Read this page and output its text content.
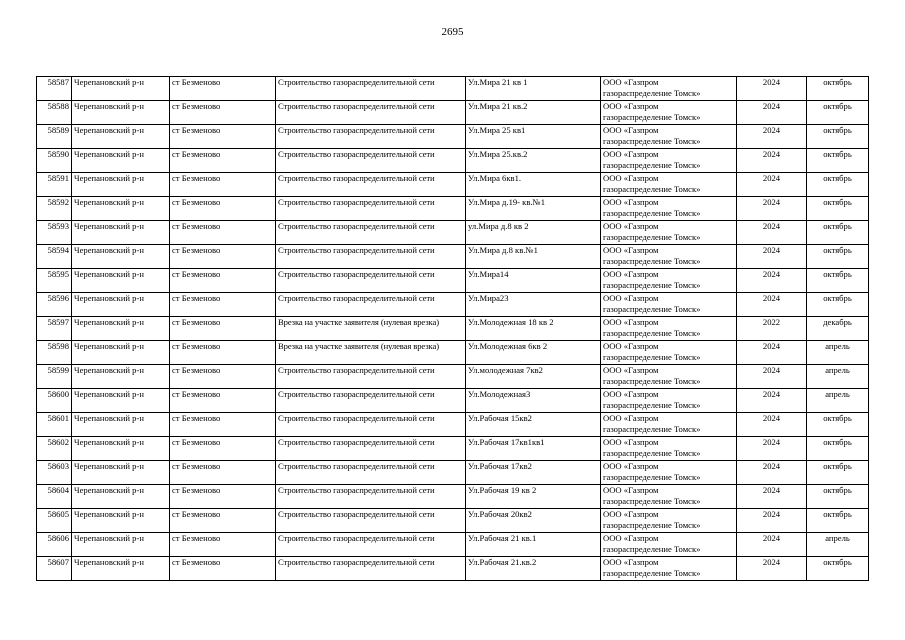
2695
58587	Черепановский р-н	ст Безменово	Строительство газораспределительной сети	Ул.Мира 21 кв 1	ООО «Газпром
газораспределение Томск»	2024	октябрь
58588	Черепановский р-н	ст Безменово	Строительство газораспределительной сети	Ул.Мира 21 кв.2	ООО «Газпром
газораспределение Томск»	2024	октябрь
58589	Черепановский р-н	ст Безменово	Строительство газораспределительной сети	Ул.Мира 25 кв1	ООО «Газпром
газораспределение Томск»	2024	октябрь
58590	Черепановский р-н	ст Безменово	Строительство газораспределительной сети	Ул.Мира 25.кв.2	ООО «Газпром
газораспределение Томск»	2024	октябрь
58591	Черепановский р-н	ст Безменово	Строительство газораспределительной сети	Ул.Мира 6кв1.	ООО «Газпром
газораспределение Томск»	2024	октябрь
58592	Черепановский р-н	ст Безменово	Строительство газораспределительной сети	Ул.Мира д.19- кв.№1	ООО «Газпром
газораспределение Томск»	2024	октябрь
58593	Черепановский р-н	ст Безменово	Строительство газораспределительной сети	ул.Мира д.8 кв 2	ООО «Газпром
газораспределение Томск»	2024	октябрь
58594	Черепановский р-н	ст Безменово	Строительство газораспределительной сети	Ул.Мира д.8 кв.№1	ООО «Газпром
газораспределение Томск»	2024	октябрь
58595	Черепановский р-н	ст Безменово	Строительство газораспределительной сети	Ул.Мира14	ООО «Газпром
газораспределение Томск»	2024	октябрь
58596	Черепановский р-н	ст Безменово	Строительство газораспределительной сети	Ул.Мира23	ООО «Газпром
газораспределение Томск»	2024	октябрь
58597	Черепановский р-н	ст Безменово	Врезка на участке заявителя (нулевая врезка)	Ул.Молодежная 18 кв 2	ООО «Газпром
газораспределение Томск»	2022	декабрь
58598	Черепановский р-н	ст Безменово	Врезка на участке заявителя (нулевая врезка)	Ул.Молодежная 6кв 2	ООО «Газпром
газораспределение Томск»	2024	апрель
58599	Черепановский р-н	ст Безменово	Строительство газораспределительной сети	Ул.молодежная 7кв2	ООО «Газпром
газораспределение Томск»	2024	апрель
58600	Черепановский р-н	ст Безменово	Строительство газораспределительной сети	Ул.Молодежная3	ООО «Газпром
газораспределение Томск»	2024	апрель
58601	Черепановский р-н	ст Безменово	Строительство газораспределительной сети	Ул.Рабочая 15кв2	ООО «Газпром
газораспределение Томск»	2024	октябрь
58602	Черепановский р-н	ст Безменово	Строительство газораспределительной сети	Ул.Рабочая 17кв1кв1	ООО «Газпром
газораспределение Томск»	2024	октябрь
58603	Черепановский р-н	ст Безменово	Строительство газораспределительной сети	Ул.Рабочая 17кв2	ООО «Газпром
газораспределение Томск»	2024	октябрь
58604	Черепановский р-н	ст Безменово	Строительство газораспределительной сети	Ул.Рабочая 19 кв 2	ООО «Газпром
газораспределение Томск»	2024	октябрь
58605	Черепановский р-н	ст Безменово	Строительство газораспределительной сети	Ул.Рабочая 20кв2	ООО «Газпром
газораспределение Томск»	2024	октябрь
58606	Черепановский р-н	ст Безменово	Строительство газораспределительной сети	Ул.Рабочая 21 кв.1	ООО «Газпром
газораспределение Томск»	2024	апрель
58607	Черепановский р-н	ст Безменово	Строительство газораспределительной сети	Ул.Рабочая 21.кв.2	ООО «Газпром
газораспределение Томск»	2024	октябрь
